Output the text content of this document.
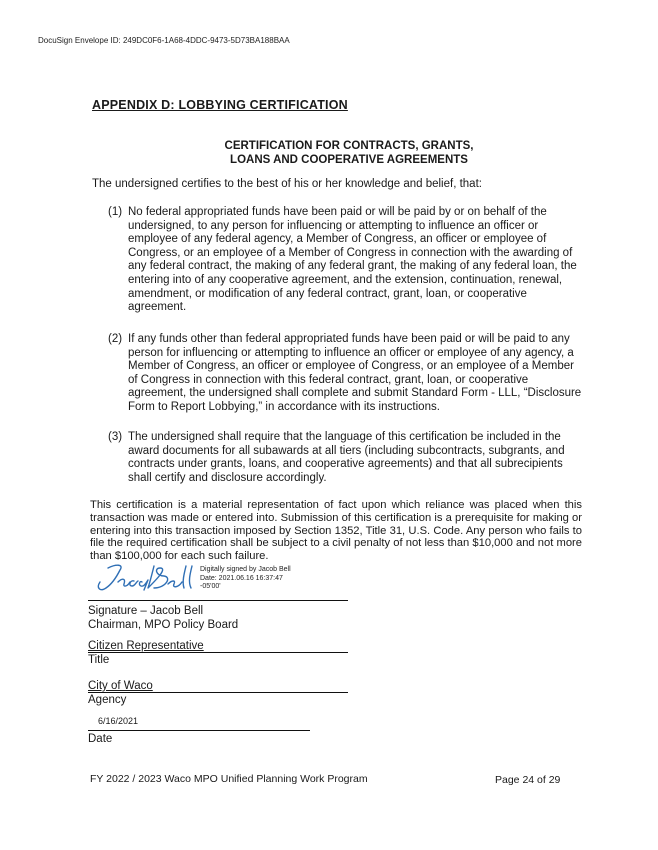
DocuSign Envelope ID: 249DC0F6-1A68-4DDC-9473-5D73BA188BAA
APPENDIX D: LOBBYING CERTIFICATION
CERTIFICATION FOR CONTRACTS, GRANTS,
LOANS AND COOPERATIVE AGREEMENTS
The undersigned certifies to the best of his or her knowledge and belief, that:
(1) No federal appropriated funds have been paid or will be paid by or on behalf of the undersigned, to any person for influencing or attempting to influence an officer or employee of any federal agency, a Member of Congress, an officer or employee of Congress, or an employee of a Member of Congress in connection with the awarding of any federal contract, the making of any federal grant, the making of any federal loan, the entering into of any cooperative agreement, and the extension, continuation, renewal, amendment, or modification of any federal contract, grant, loan, or cooperative agreement.
(2) If any funds other than federal appropriated funds have been paid or will be paid to any person for influencing or attempting to influence an officer or employee of any agency, a Member of Congress, an officer or employee of Congress, or an employee of a Member of Congress in connection with this federal contract, grant, loan, or cooperative agreement, the undersigned shall complete and submit Standard Form - LLL, “Disclosure Form to Report Lobbying,” in accordance with its instructions.
(3) The undersigned shall require that the language of this certification be included in the award documents for all subawards at all tiers (including subcontracts, subgrants, and contracts under grants, loans, and cooperative agreements) and that all subrecipients shall certify and disclosure accordingly.
This certification is a material representation of fact upon which reliance was placed when this transaction was made or entered into. Submission of this certification is a prerequisite for making or entering into this transaction imposed by Section 1352, Title 31, U.S. Code. Any person who fails to file the required certification shall be subject to a civil penalty of not less than $10,000 and not more than $100,000 for each such failure.
Digitally signed by Jacob Bell
Date: 2021.06.16 16:37:47
-05'00'
Signature – Jacob Bell
Chairman, MPO Policy Board
Citizen Representative
Title
City of Waco
Agency
6/16/2021
Date
FY 2022 / 2023 Waco MPO Unified Planning Work Program	Page 24 of 29
